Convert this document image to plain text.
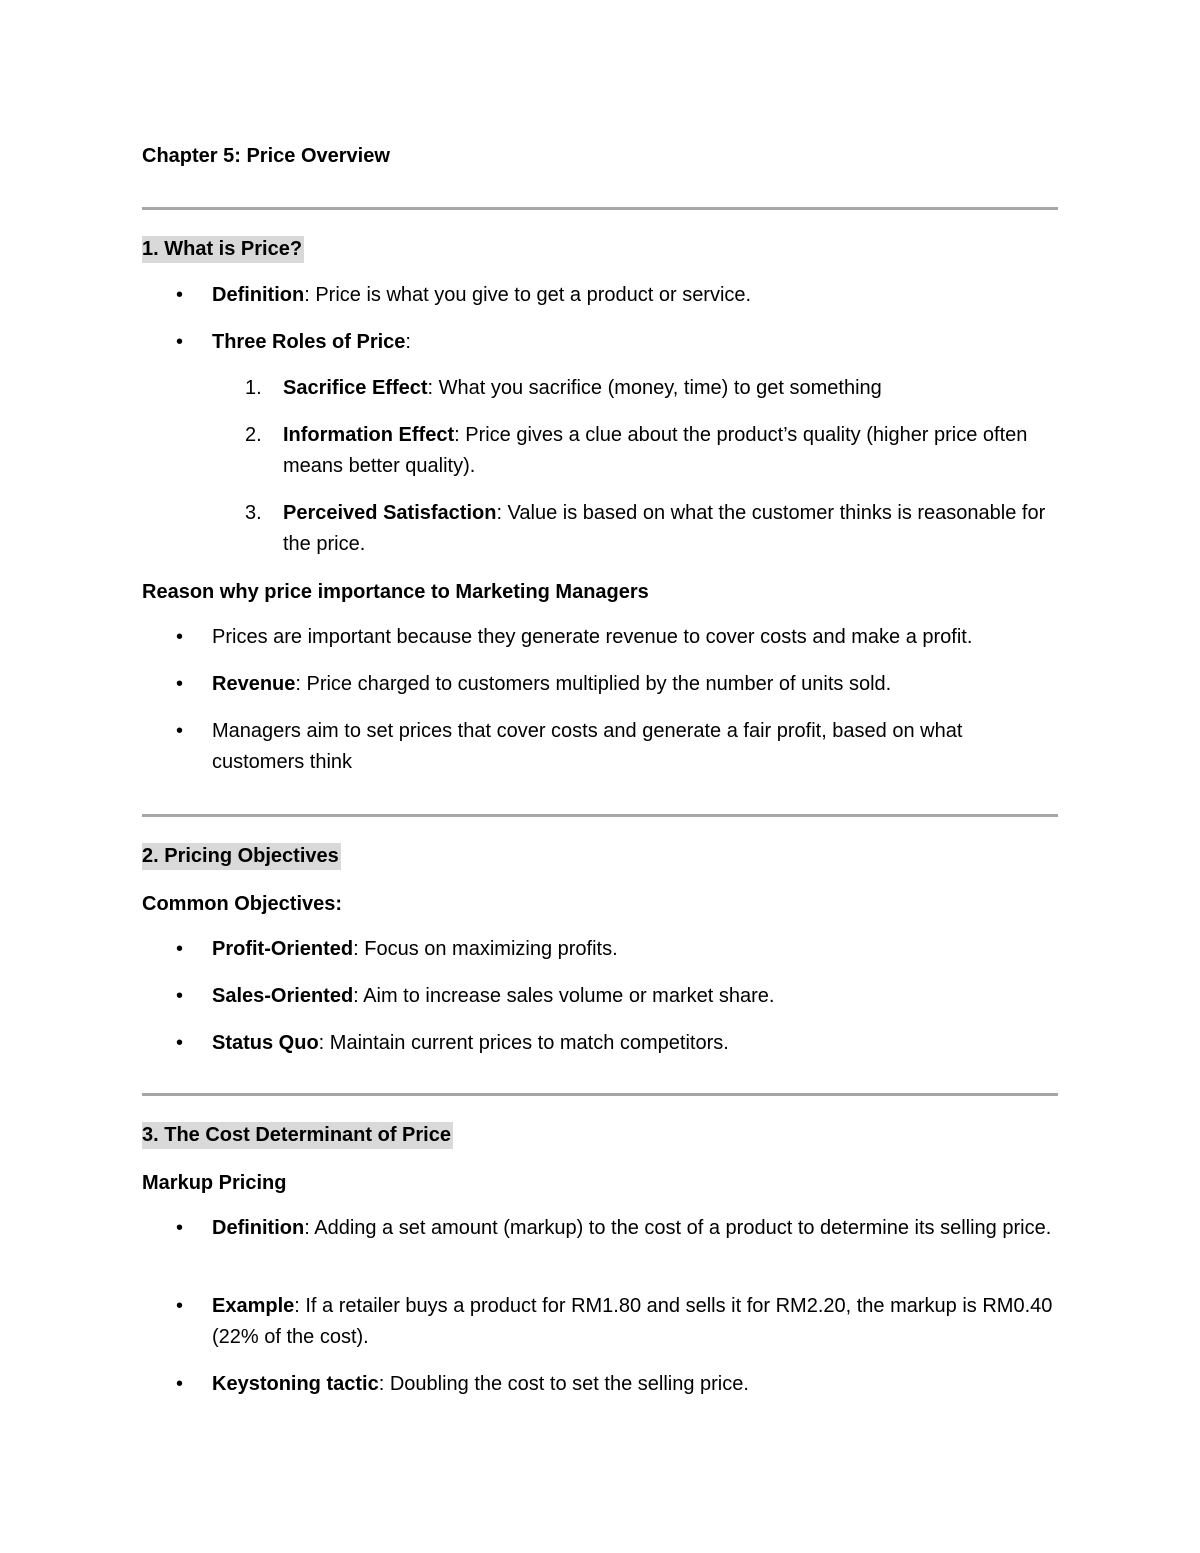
Chapter 5: Price Overview
1. What is Price?
• Definition: Price is what you give to get a product or service.
• Three Roles of Price:
1. Sacrifice Effect: What you sacrifice (money, time) to get something
2. Information Effect: Price gives a clue about the product’s quality (higher price often means better quality).
3. Perceived Satisfaction: Value is based on what the customer thinks is reasonable for the price.
Reason why price importance to Marketing Managers
• Prices are important because they generate revenue to cover costs and make a profit.
• Revenue: Price charged to customers multiplied by the number of units sold.
• Managers aim to set prices that cover costs and generate a fair profit, based on what customers think
2. Pricing Objectives
Common Objectives:
• Profit-Oriented: Focus on maximizing profits.
• Sales-Oriented: Aim to increase sales volume or market share.
• Status Quo: Maintain current prices to match competitors.
3. The Cost Determinant of Price
Markup Pricing
• Definition: Adding a set amount (markup) to the cost of a product to determine its selling price.
• Example: If a retailer buys a product for RM1.80 and sells it for RM2.20, the markup is RM0.40 (22% of the cost).
• Keystoning tactic: Doubling the cost to set the selling price.
